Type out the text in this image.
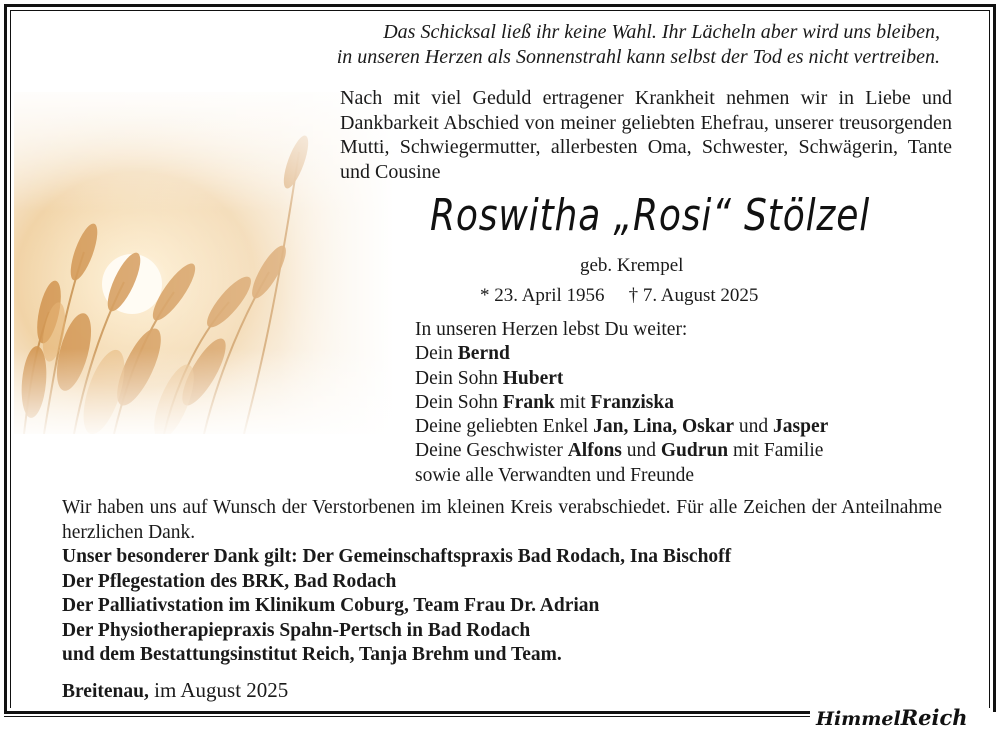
Das Schicksal ließ ihr keine Wahl. Ihr Lächeln aber wird uns bleiben,
in unseren Herzen als Sonnenstrahl kann selbst der Tod es nicht vertreiben.
Nach mit viel Geduld ertragener Krankheit nehmen wir in Liebe und Dankbarkeit Abschied von meiner geliebten Ehefrau, unserer treusorgenden Mutti, Schwiegermutter, allerbesten Oma, Schwester, Schwägerin, Tante und Cousine
Roswitha „Rosi“ Stölzel
geb. Krempel
* 23. April 1956 † 7. August 2025
In unseren Herzen lebst Du weiter:
Dein Bernd
Dein Sohn Hubert
Dein Sohn Frank mit Franziska
Deine geliebten Enkel Jan, Lina, Oskar und Jasper
Deine Geschwister Alfons und Gudrun mit Familie
sowie alle Verwandten und Freunde
Wir haben uns auf Wunsch der Verstorbenen im kleinen Kreis verabschiedet. Für alle Zeichen der Anteilnahme herzlichen Dank.
Unser besonderer Dank gilt: Der Gemeinschaftspraxis Bad Rodach, Ina Bischoff
Der Pflegestation des BRK, Bad Rodach
Der Palliativstation im Klinikum Coburg, Team Frau Dr. Adrian
Der Physiotherapiepraxis Spahn-Pertsch in Bad Rodach
und dem Bestattungsinstitut Reich, Tanja Brehm und Team.
Breitenau, im August 2025
HimmelReich
